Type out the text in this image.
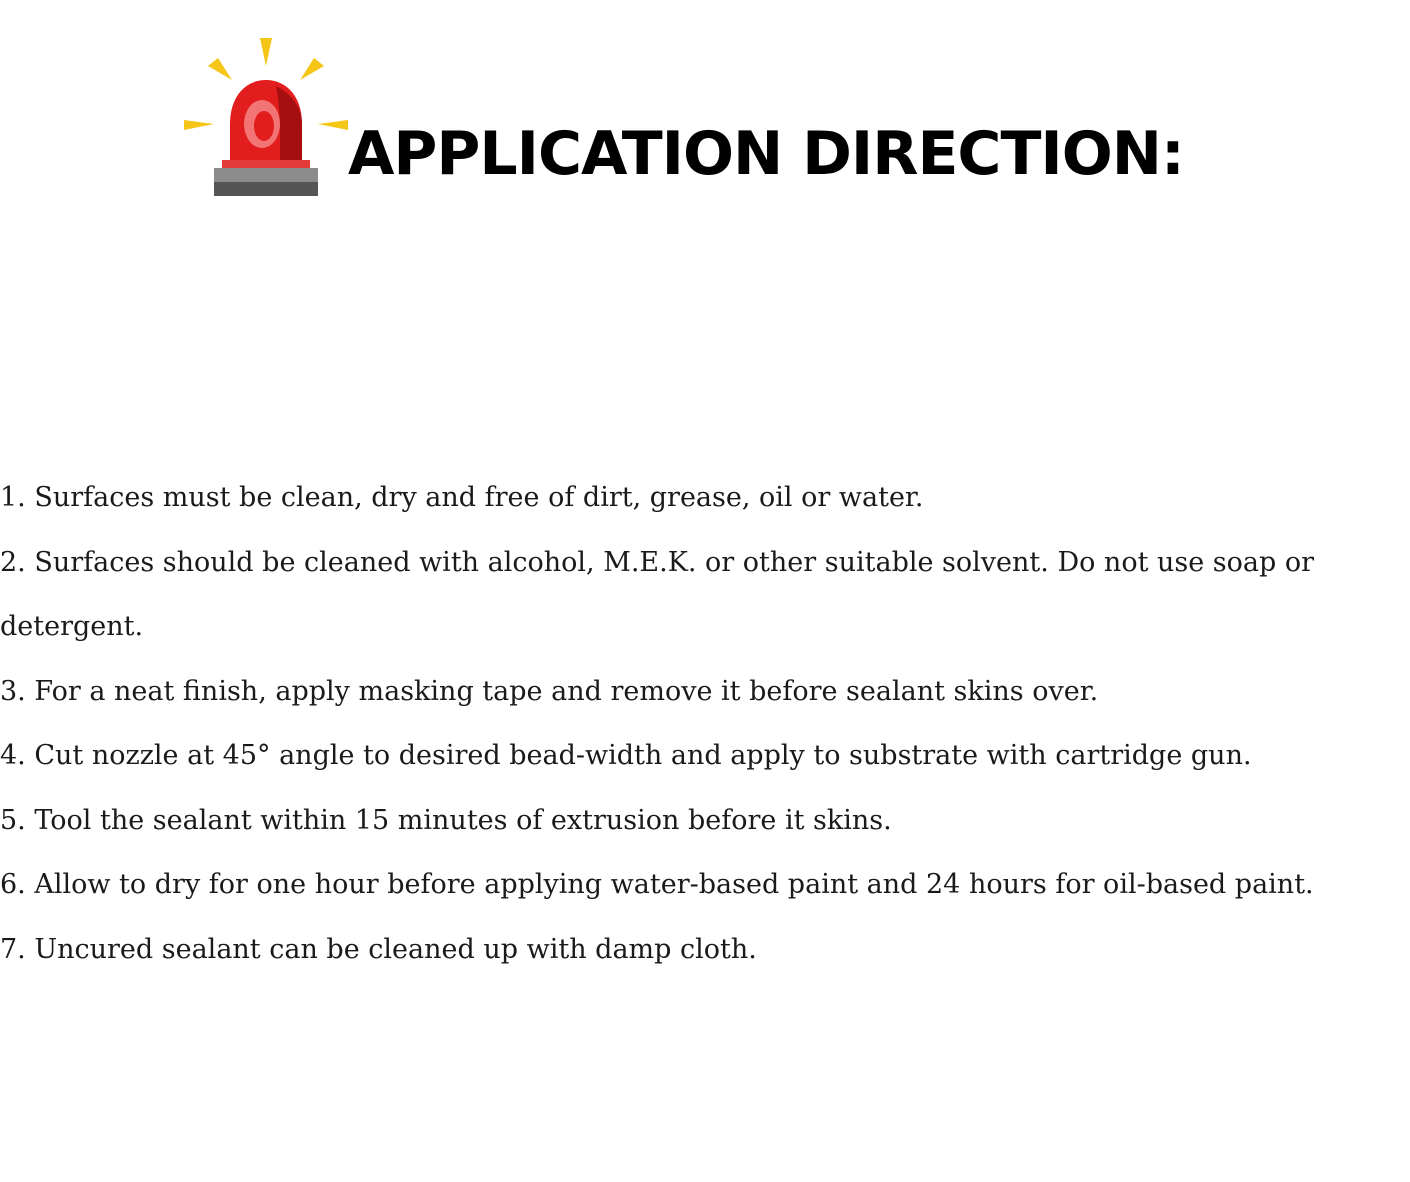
APPLICATION DIRECTION:
1. Surfaces must be clean, dry and free of dirt, grease, oil or water.
2. Surfaces should be cleaned with alcohol, M.E.K. or other suitable solvent. Do not use soap or detergent.
3. For a neat finish, apply masking tape and remove it before sealant skins over.
4. Cut nozzle at 45° angle to desired bead-width and apply to substrate with cartridge gun.
5. Tool the sealant within 15 minutes of extrusion before it skins.
6. Allow to dry for one hour before applying water-based paint and 24 hours for oil-based paint.
7. Uncured sealant can be cleaned up with damp cloth.
